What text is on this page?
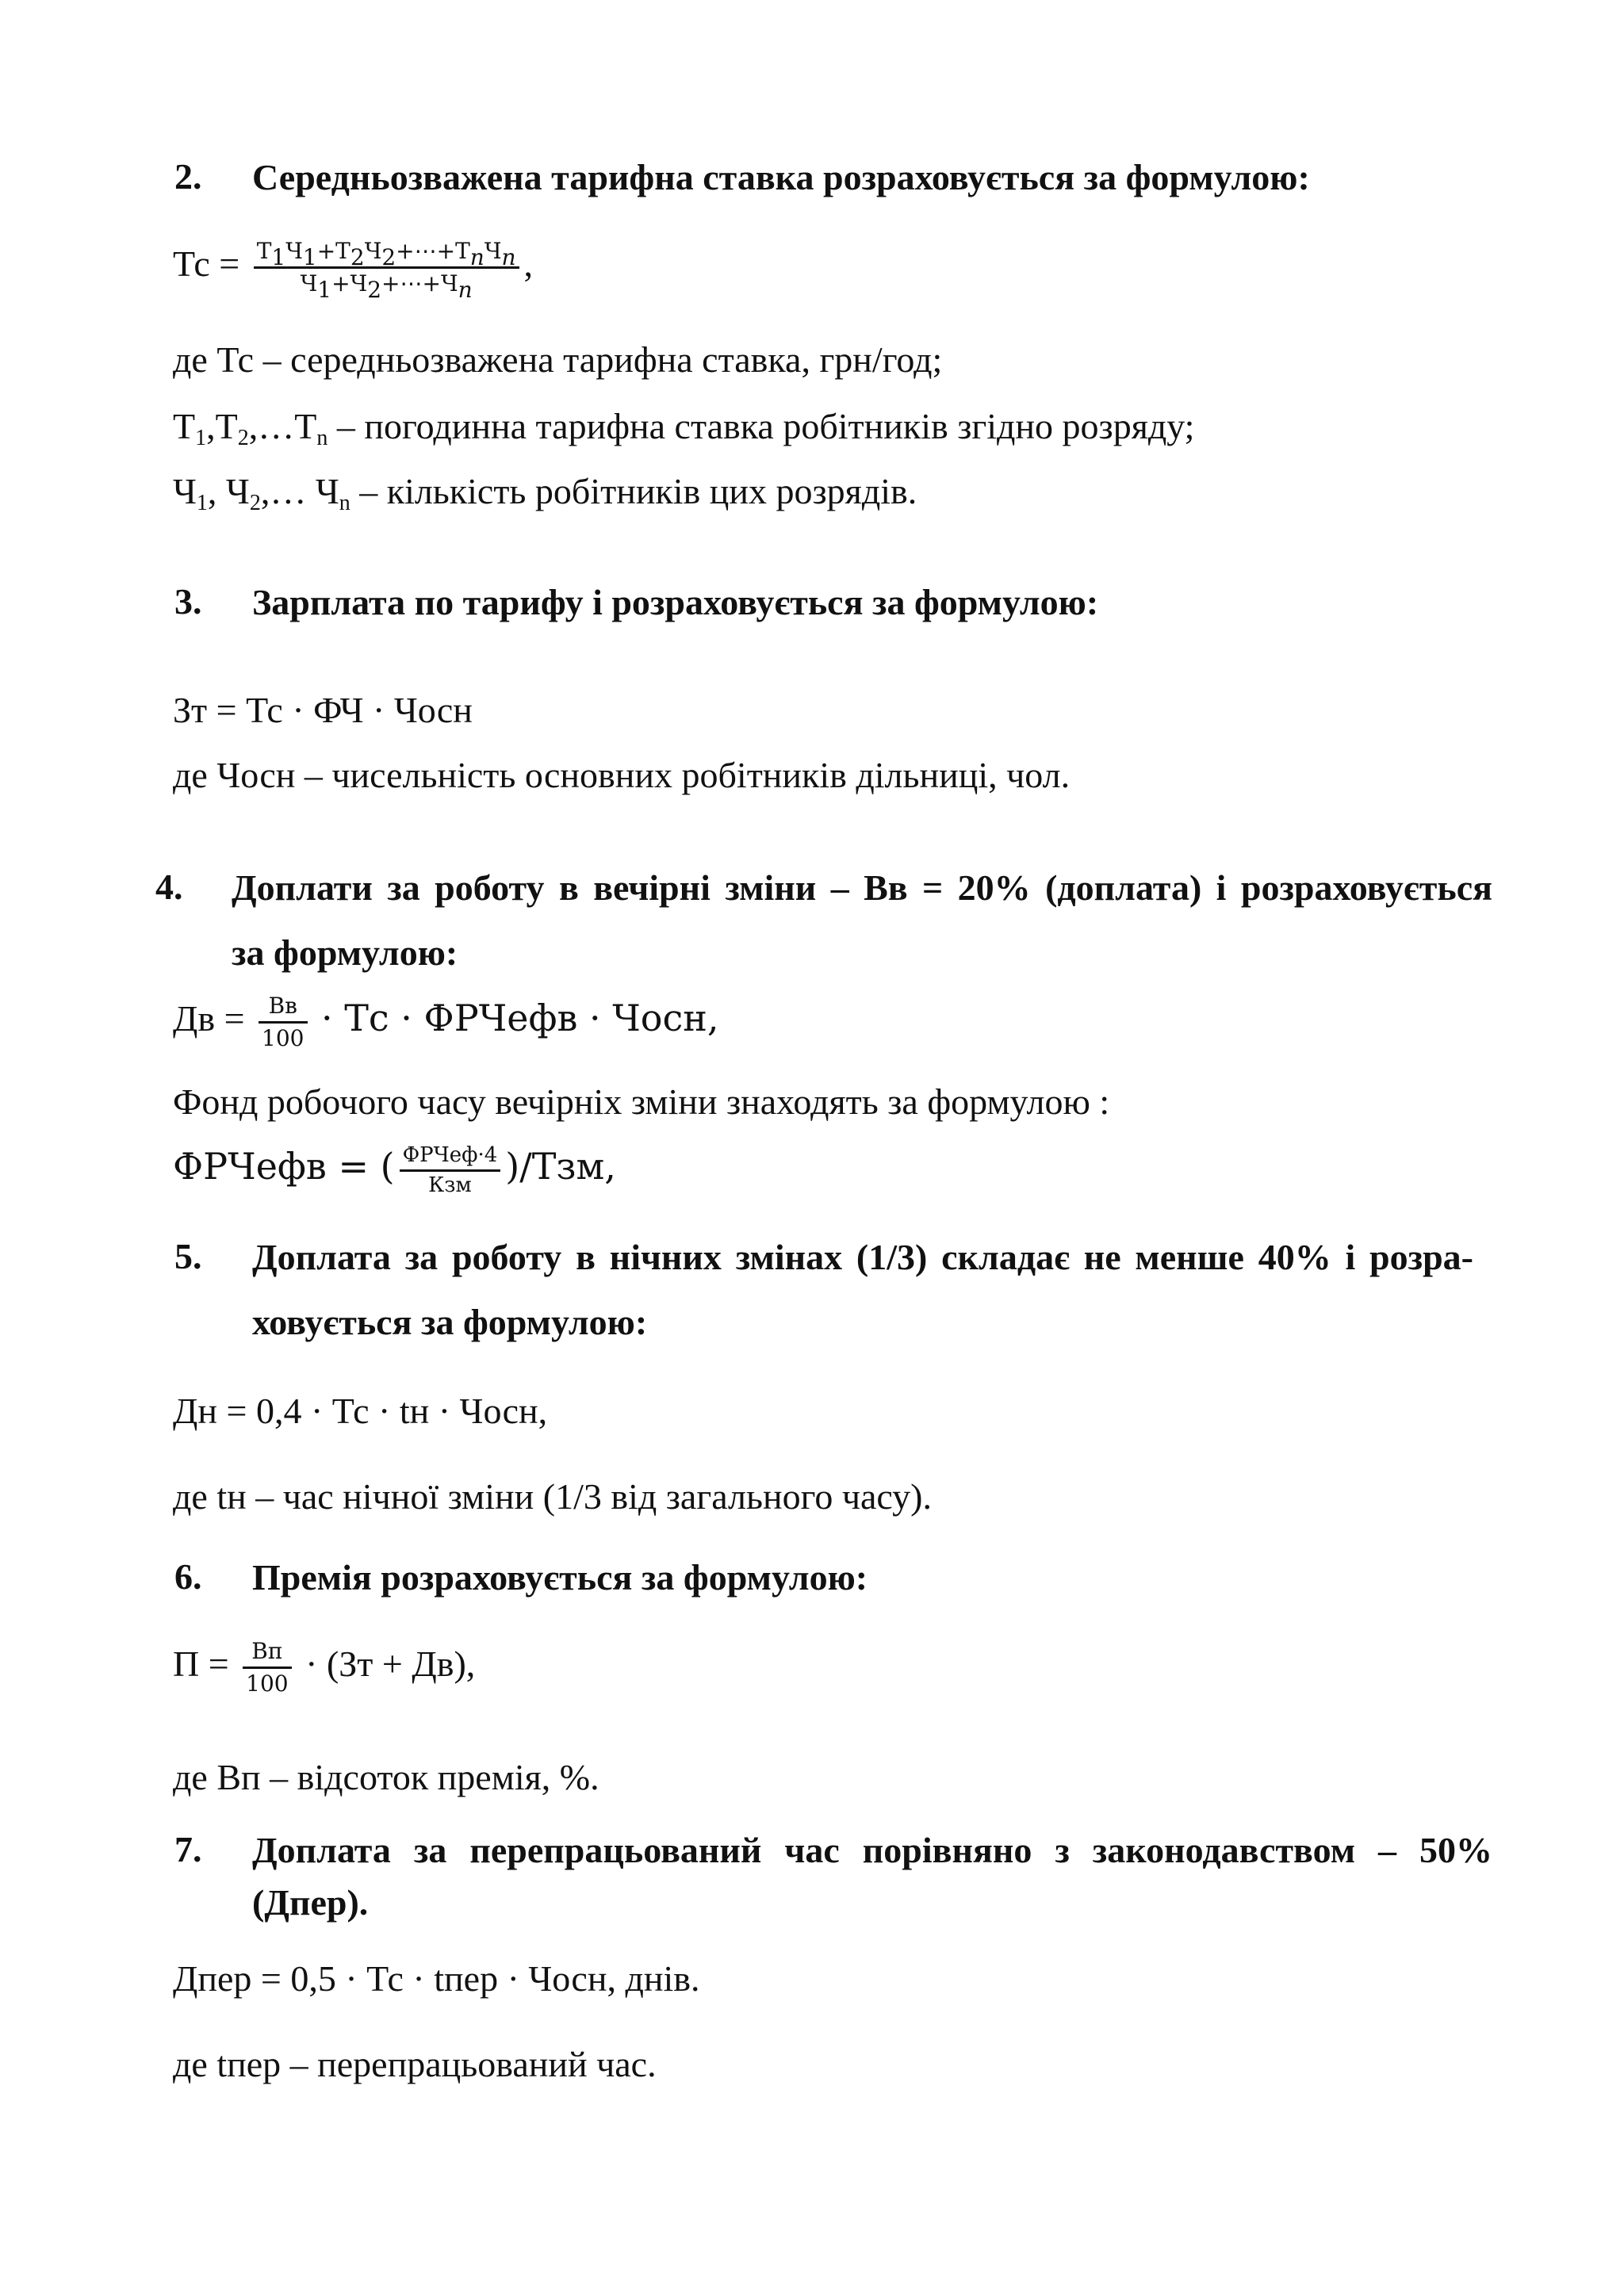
2. Середньозважена тарифна ставка розраховується за формулою:
Тс = $\frac{Т_1Ч_1+Т_2Ч_2+\cdots+Т_nЧ_n}{Ч_1+Ч_2+\cdots+Ч_n}$ ,
де Тс – середньозважена тарифна ставка, грн/год;
$Т_1,Т_2,\dots Т_n$ – погодинна тарифна ставка робітників згідно розряду;
$Ч_1$, $Ч_2,\dots$ $Ч_n$ – кількість робітників цих розрядів.
3. Зарплата по тарифу і розраховується за формулою:
Зт = Тс · ФЧ · Чосн
де Чосн – чисельність основних робітників дільниці, чол.
4. Доплати за роботу в вечірні зміни – Вв = 20% (доплата) і розраховується
за формулою:
Дв = $\frac{Вв}{100}$ · Тс · ФРЧефв · Чосн,
Фонд робочого часу вечірніх зміни знаходять за формулою :
ФРЧефв = ( $\frac{\text{ФРЧеф·4}}{\text{Кзм}} )/Тзм$,
5. Доплата за роботу в нічних змінах (1/3) складає не менше 40% і розра-
ховується за формулою:
Дн = 0,4 · Тс · tн · Чосн,
де tн – час нічної зміни (1/3 від загального часу).
6. Премія розраховується за формулою:
$П = \frac{Вп}{100} \cdot (Зт + Дв)$,
де Вп – відсоток премія, %.
7. Доплата за перепрацьований час порівняно з законодавством – 50%
(Дпер).
Дпер = 0,5 · Тс · tпер · Чосн, днів.
де tпер – перепрацьований час.
